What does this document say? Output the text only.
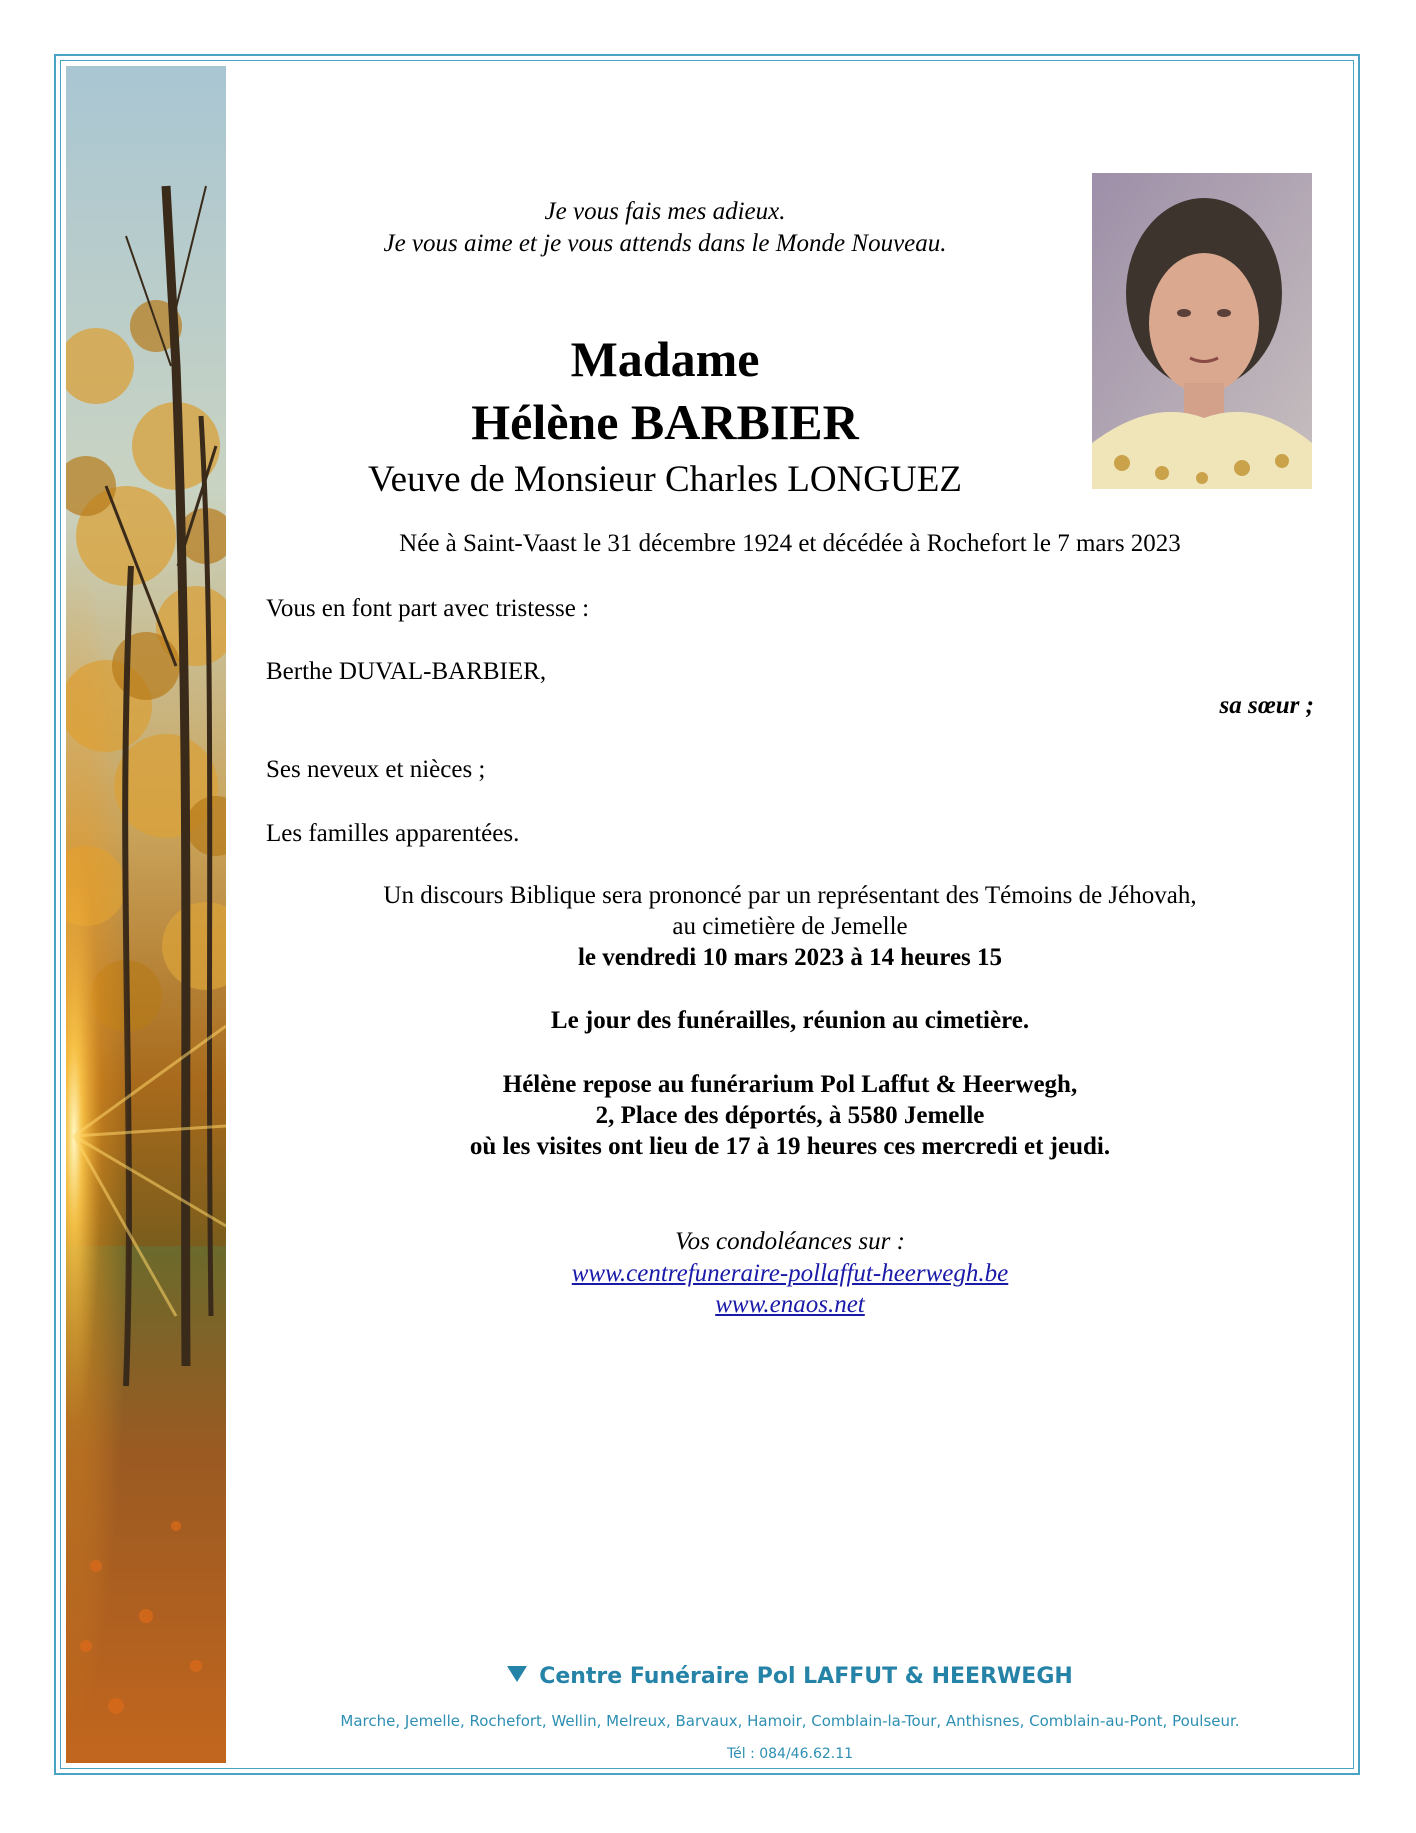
Je vous fais mes adieux.
Je vous aime et je vous attends dans le Monde Nouveau.
Madame
Hélène BARBIER
Veuve de Monsieur Charles LONGUEZ
Née à Saint-Vaast le 31 décembre 1924 et décédée à Rochefort le 7 mars 2023
Vous en font part avec tristesse :
Berthe DUVAL-BARBIER,
sa sœur ;
Ses neveux et nièces ;
Les familles apparentées.
Un discours Biblique sera prononcé par un représentant des Témoins de Jéhovah,
au cimetière de Jemelle
le vendredi 10 mars 2023 à 14 heures 15
Le jour des funérailles, réunion au cimetière.
Hélène repose au funérarium Pol Laffut & Heerwegh,
2, Place des déportés, à 5580 Jemelle
où les visites ont lieu de 17 à 19 heures ces mercredi et jeudi.
Vos condoléances sur :
www.centrefuneraire-pollaffut-heerwegh.be
www.enaos.net
Centre Funéraire Pol LAFFUT & HEERWEGH
Marche, Jemelle, Rochefort, Wellin, Melreux, Barvaux, Hamoir, Comblain-la-Tour, Anthisnes, Comblain-au-Pont, Poulseur.
Tél : 084/46.62.11
